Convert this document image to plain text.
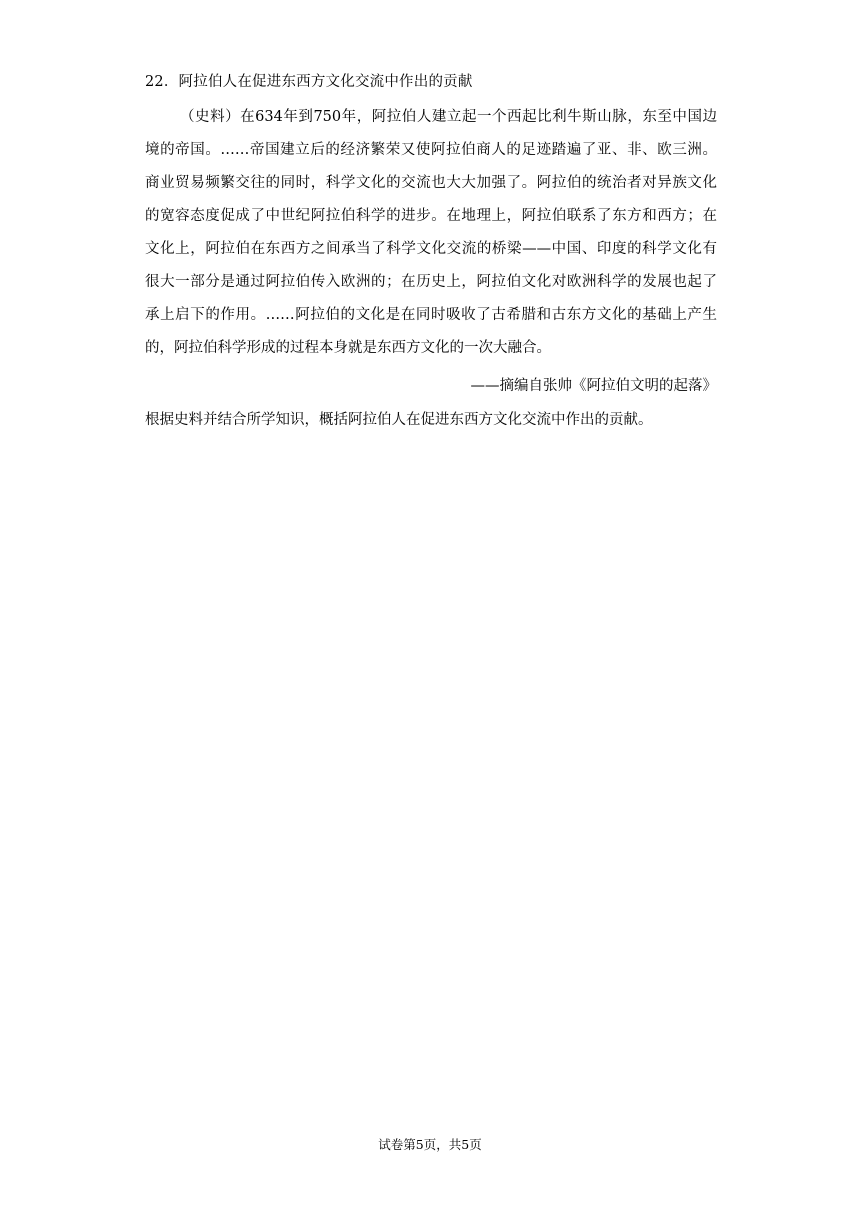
22．阿拉伯人在促进东西方文化交流中作出的贡献
（史料）在634年到750年，阿拉伯人建立起一个西起比利牛斯山脉，东至中国边
境的帝国。……帝国建立后的经济繁荣又使阿拉伯商人的足迹踏遍了亚、非、欧三洲。
商业贸易频繁交往的同时，科学文化的交流也大大加强了。阿拉伯的统治者对异族文化
的宽容态度促成了中世纪阿拉伯科学的进步。在地理上，阿拉伯联系了东方和西方；在
文化上，阿拉伯在东西方之间承当了科学文化交流的桥梁——中国、印度的科学文化有
很大一部分是通过阿拉伯传入欧洲的；在历史上，阿拉伯文化对欧洲科学的发展也起了
承上启下的作用。……阿拉伯的文化是在同时吸收了古希腊和古东方文化的基础上产生
的，阿拉伯科学形成的过程本身就是东西方文化的一次大融合。
——摘编自张帅《阿拉伯文明的起落》
根据史料并结合所学知识，概括阿拉伯人在促进东西方文化交流中作出的贡献。
试卷第5页，共5页
